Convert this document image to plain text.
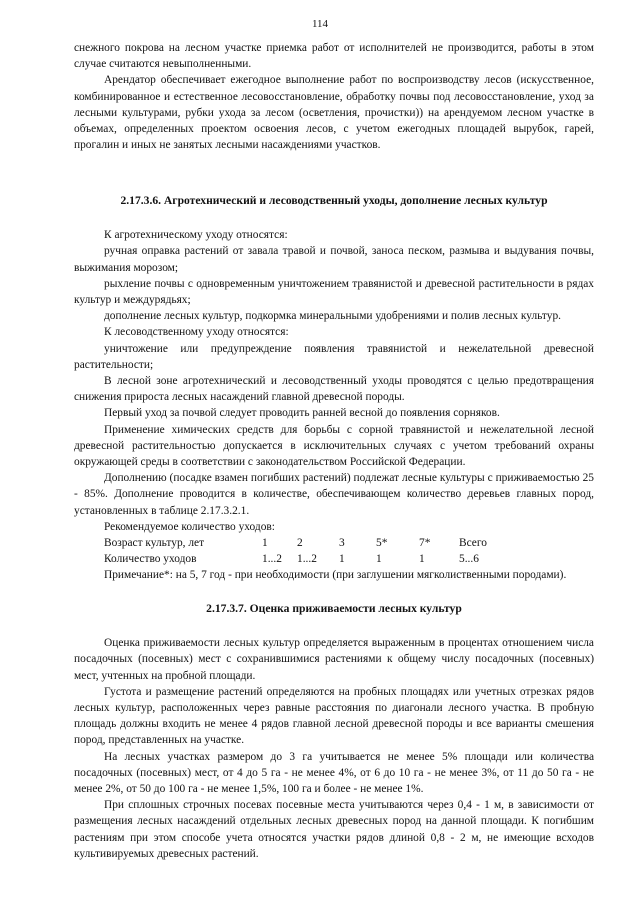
114

снежного покрова на лесном участке приемка работ от исполнителей не производится, работы в этом случае считаются невыполненными.

Арендатор обеспечивает ежегодное выполнение работ по воспроизводству лесов (искусственное, комбинированное и естественное лесовосстановление, обработку почвы под лесовосстановление, уход за лесными культурами, рубки ухода за лесом (осветления, прочистки)) на арендуемом лесном участке в объемах, определенных проектом освоения лесов, с учетом ежегодных площадей вырубок, гарей, прогалин и иных не занятых лесными насаждениями участков.

2.17.3.6. Агротехнический и лесоводственный уходы, дополнение лесных культур

К агротехническому уходу относятся:

ручная оправка растений от завала травой и почвой, заноса песком, размыва и выдувания почвы, выжимания морозом;

рыхление почвы с одновременным уничтожением травянистой и древесной растительности в рядах культур и междурядьях;

дополнение лесных культур, подкормка минеральными удобрениями и полив лесных культур.

К лесоводственному уходу относятся:

уничтожение или предупреждение появления травянистой и нежелательной древесной растительности;

В лесной зоне агротехнический и лесоводственный уходы проводятся с целью предотвращения снижения прироста лесных насаждений главной древесной породы.

Первый уход за почвой следует проводить ранней весной до появления сорняков.

Применение химических средств для борьбы с сорной травянистой и нежелательной лесной древесной растительностью допускается в исключительных случаях с учетом требований охраны окружающей среды в соответствии с законодательством Российской Федерации.

Дополнению (посадке взамен погибших растений) подлежат лесные культуры с приживаемостью 25 - 85%. Дополнение проводится в количестве, обеспечивающем количество деревьев главных пород, установленных в таблице 2.17.3.2.1.

Рекомендуемое количество уходов:

Возраст культур, лет	1	2	3	5*	7*	Всего
Количество уходов	1...2	1...2	1	1	1	5...6
Примечание*: на 5, 7 год - при необходимости (при заглушении мягколиственными породами).
2.17.3.7. Оценка приживаемости лесных культур

Оценка приживаемости лесных культур определяется выраженным в процентах отношением числа посадочных (посевных) мест с сохранившимися растениями к общему числу посадочных (посевных) мест, учтенных на пробной площади.

Густота и размещение растений определяются на пробных площадях или учетных отрезках рядов лесных культур, расположенных через равные расстояния по диагонали лесного участка. В пробную площадь должны входить не менее 4 рядов главной лесной древесной породы и все варианты смешения пород, представленных на участке.

На лесных участках размером до 3 га учитывается не менее 5% площади или количества посадочных (посевных) мест, от 4 до 5 га - не менее 4%, от 6 до 10 га - не менее 3%, от 11 до 50 га - не менее 2%, от 50 до 100 га - не менее 1,5%, 100 га и более - не менее 1%.

При сплошных строчных посевах посевные места учитываются через 0,4 - 1 м, в зависимости от размещения лесных насаждений отдельных лесных древесных пород на данной площади. К погибшим растениям при этом способе учета относятся участки рядов длиной 0,8 - 2 м, не имеющие всходов культивируемых древесных растений.
